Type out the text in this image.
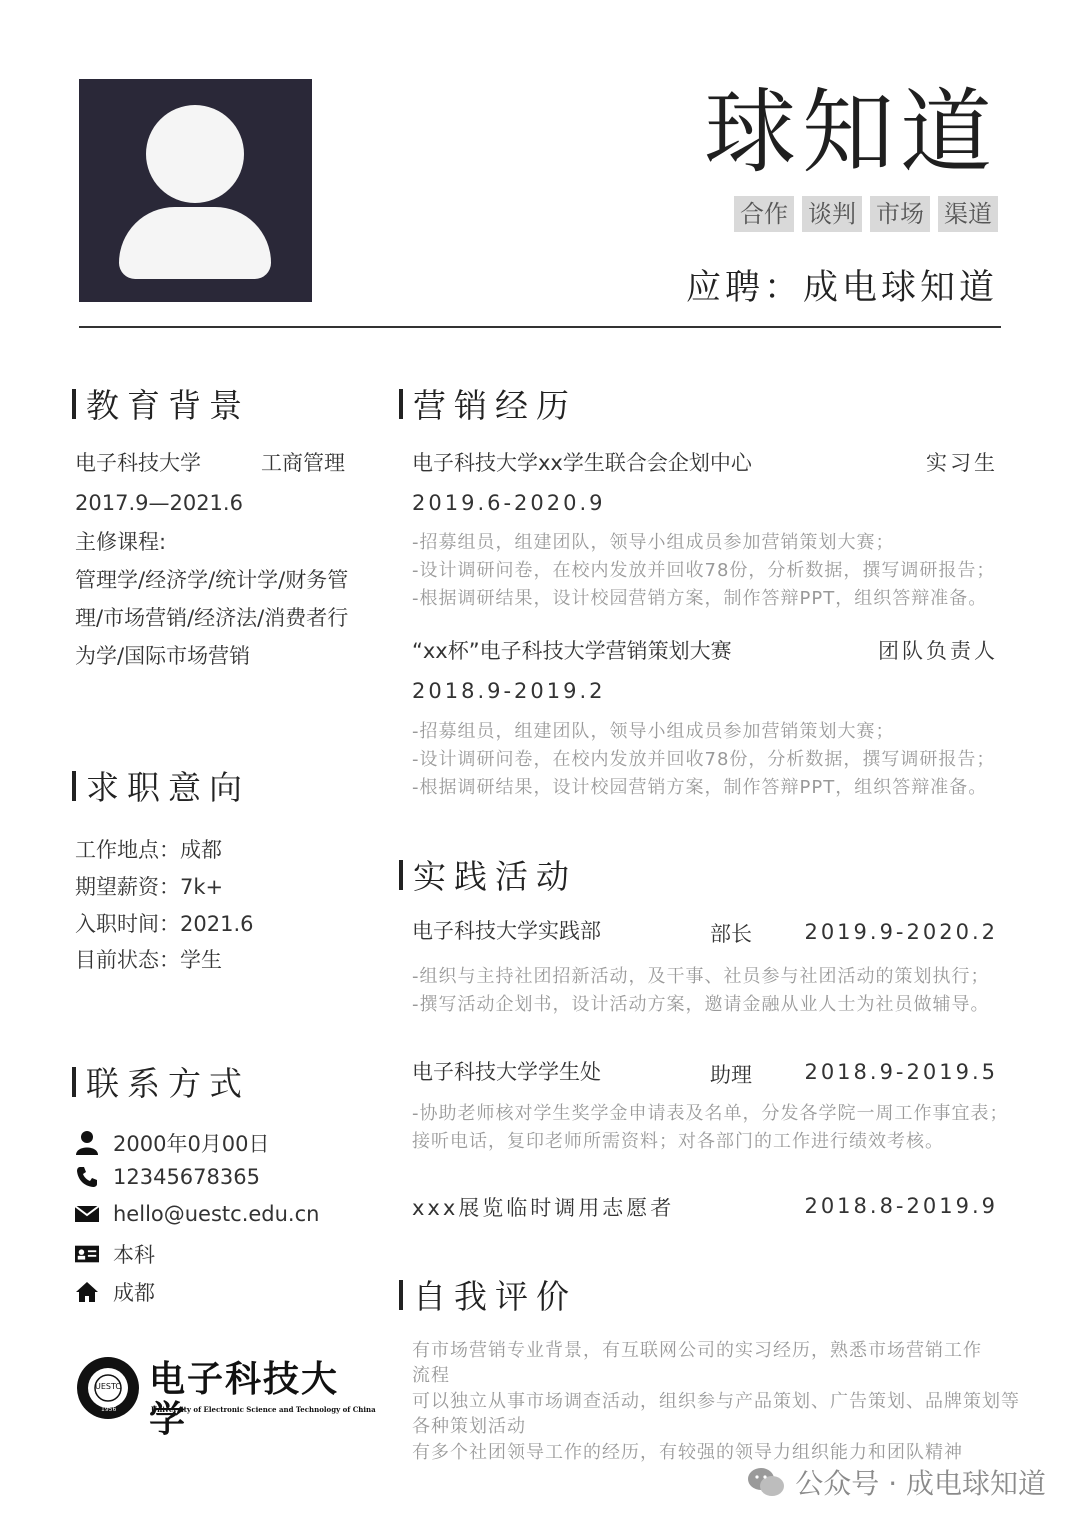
球知道
合作 谈判 市场 渠道
应聘：成电球知道
教育背景
电子科技大学	工商管理
2017.9—2021.6
主修课程:
管理学/经济学/统计学/财务管
理/市场营销/经济法/消费者行
为学/国际市场营销
求职意向
工作地点：成都
期望薪资：7k+
入职时间：2021.6
目前状态：学生
联系方式
2000年0月00日
12345678365
hello@uestc.edu.cn
本科
成都
UESTC
1956
电子科技大学
University of Electronic Science and Technology of China
营销经历
电子科技大学xx学生联合会企划中心	实习生
2019.6-2020.9
-招募组员，组建团队，领导小组成员参加营销策划大赛；
-设计调研问卷，在校内发放并回收78份，分析数据，撰写调研报告；
-根据调研结果，设计校园营销方案，制作答辩PPT，组织答辩准备。
“xx杯”电子科技大学营销策划大赛	团队负责人
2018.9-2019.2
-招募组员，组建团队，领导小组成员参加营销策划大赛；
-设计调研问卷，在校内发放并回收78份，分析数据，撰写调研报告；
-根据调研结果，设计校园营销方案，制作答辩PPT，组织答辩准备。
实践活动
电子科技大学实践部	部长 2019.9-2020.2
-组织与主持社团招新活动，及干事、社员参与社团活动的策划执行；
-撰写活动企划书，设计活动方案，邀请金融从业人士为社员做辅导。
电子科技大学学生处	助理 2018.9-2019.5
-协助老师核对学生奖学金申请表及名单，分发各学院一周工作事宜表；
接听电话，复印老师所需资料；对各部门的工作进行绩效考核。
xxx展览临时调用志愿者	2018.8-2019.9
自我评价
有市场营销专业背景，有互联网公司的实习经历，熟悉市场营销工作
流程
可以独立从事市场调查活动，组织参与产品策划、广告策划、品牌策划等
各种策划活动
有多个社团领导工作的经历，有较强的领导力组织能力和团队精神
公众号 · 成电球知道
